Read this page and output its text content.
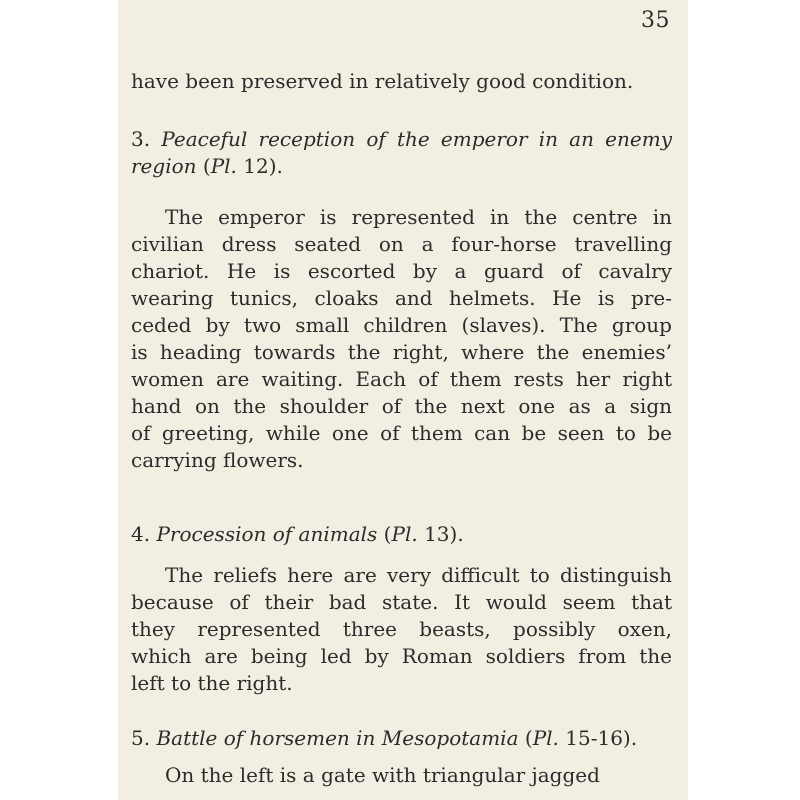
35
have been preserved in relatively good condition.
3. Peaceful reception of the emperor in an enemy
region (Pl. 12).
The emperor is represented in the centre in
civilian dress seated on a four-horse travelling
chariot. He is escorted by a guard of cavalry
wearing tunics, cloaks and helmets. He is pre-
ceded by two small children (slaves). The group
is heading towards the right, where the enemies’
women are waiting. Each of them rests her right
hand on the shoulder of the next one as a sign
of greeting, while one of them can be seen to be
carrying flowers.
4. Procession of animals (Pl. 13).
The reliefs here are very difficult to distinguish
because of their bad state. It would seem that
they represented three beasts, possibly oxen,
which are being led by Roman soldiers from the
left to the right.
5. Battle of horsemen in Mesopotamia (Pl. 15-16).
On the left is a gate with triangular jagged
